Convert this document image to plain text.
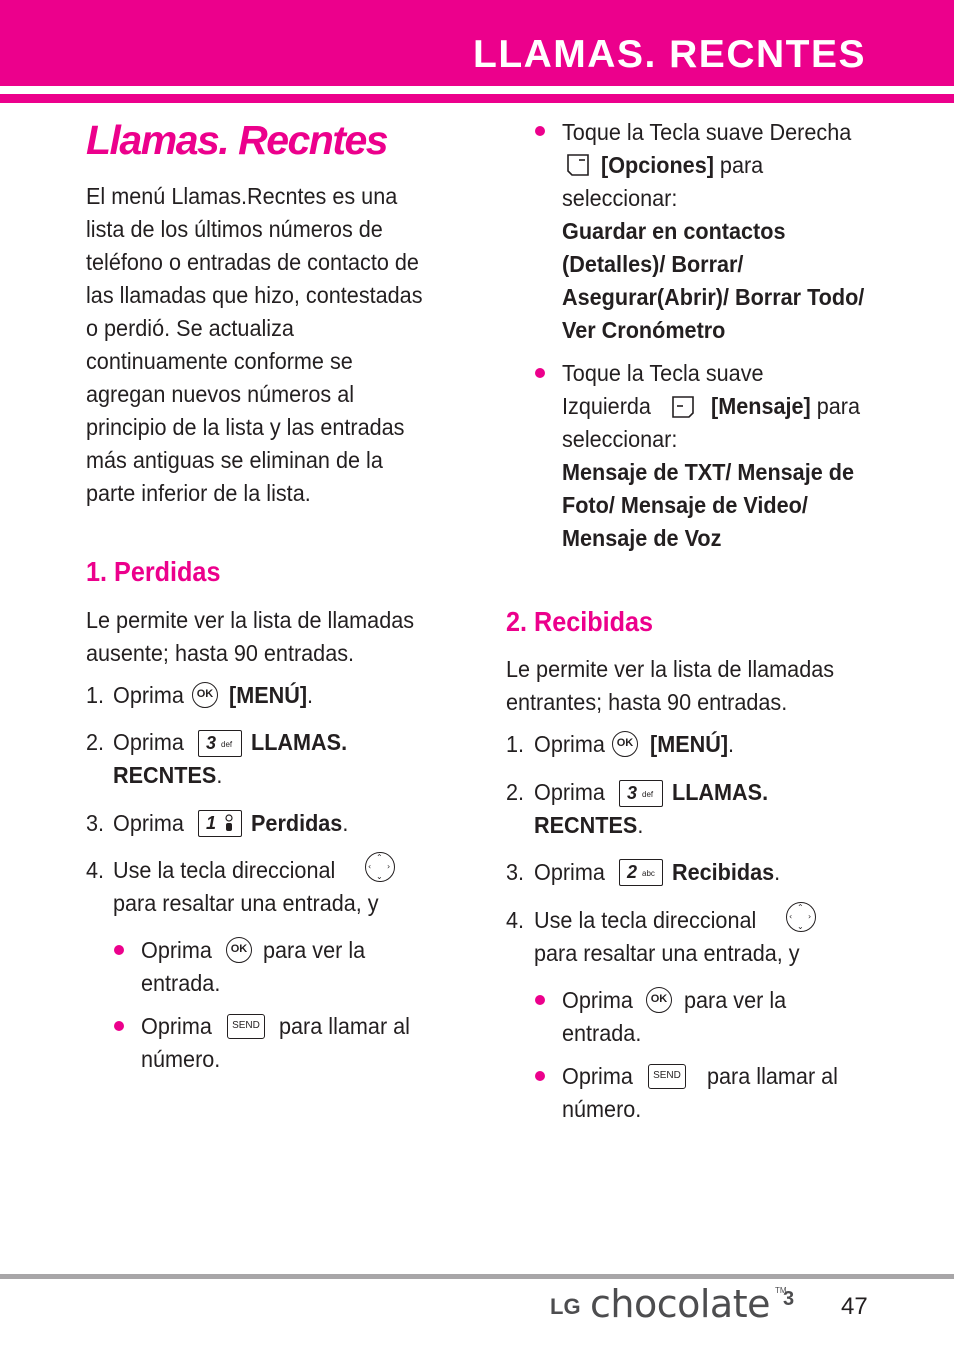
LLAMAS. RECNTES
Llamas. Recntes
El menú Llamas.Recntes es una
lista de los últimos números de
teléfono o entradas de contacto de
las llamadas que hizo, contestadas
o perdió. Se actualiza
continuamente conforme se
agregan nuevos números al
principio de la lista y las entradas
más antiguas se eliminan de la
parte inferior de la lista.
1. Perdidas
Le permite ver la lista de llamadas
ausente; hasta 90 entradas.
1. Oprima	OK [MENÚ].
2. Oprima 3 def LLAMAS.
RECNTES.
3. Oprima 1 Perdidas.
4. Use la tecla direccional	⌃
⌄
‹ ›
para resaltar una entrada, y
Oprima	OK para ver la
entrada.
Oprima	SEND para llamar al
número.
Toque la Tecla suave Derecha
[Opciones] para
seleccionar:
Guardar en contactos
(Detalles)/ Borrar/
Asegurar(Abrir)/ Borrar Todo/
Ver Cronómetro
Toque la Tecla suave
Izquierda	[Mensaje] para
seleccionar:
Mensaje de TXT/ Mensaje de
Foto/ Mensaje de Video/
Mensaje de Voz
2. Recibidas
Le permite ver la lista de llamadas
entrantes; hasta 90 entradas.
1. Oprima	OK [MENÚ].
2. Oprima 3 def LLAMAS.
RECNTES.
3. Oprima 2 abc Recibidas.
4. Use la tecla direccional	⌃
⌄
‹ ›
para resaltar una entrada, y
Oprima	OK para ver la
entrada.
Oprima	SEND para llamar al
número.
LG chocolate TM
3 47
